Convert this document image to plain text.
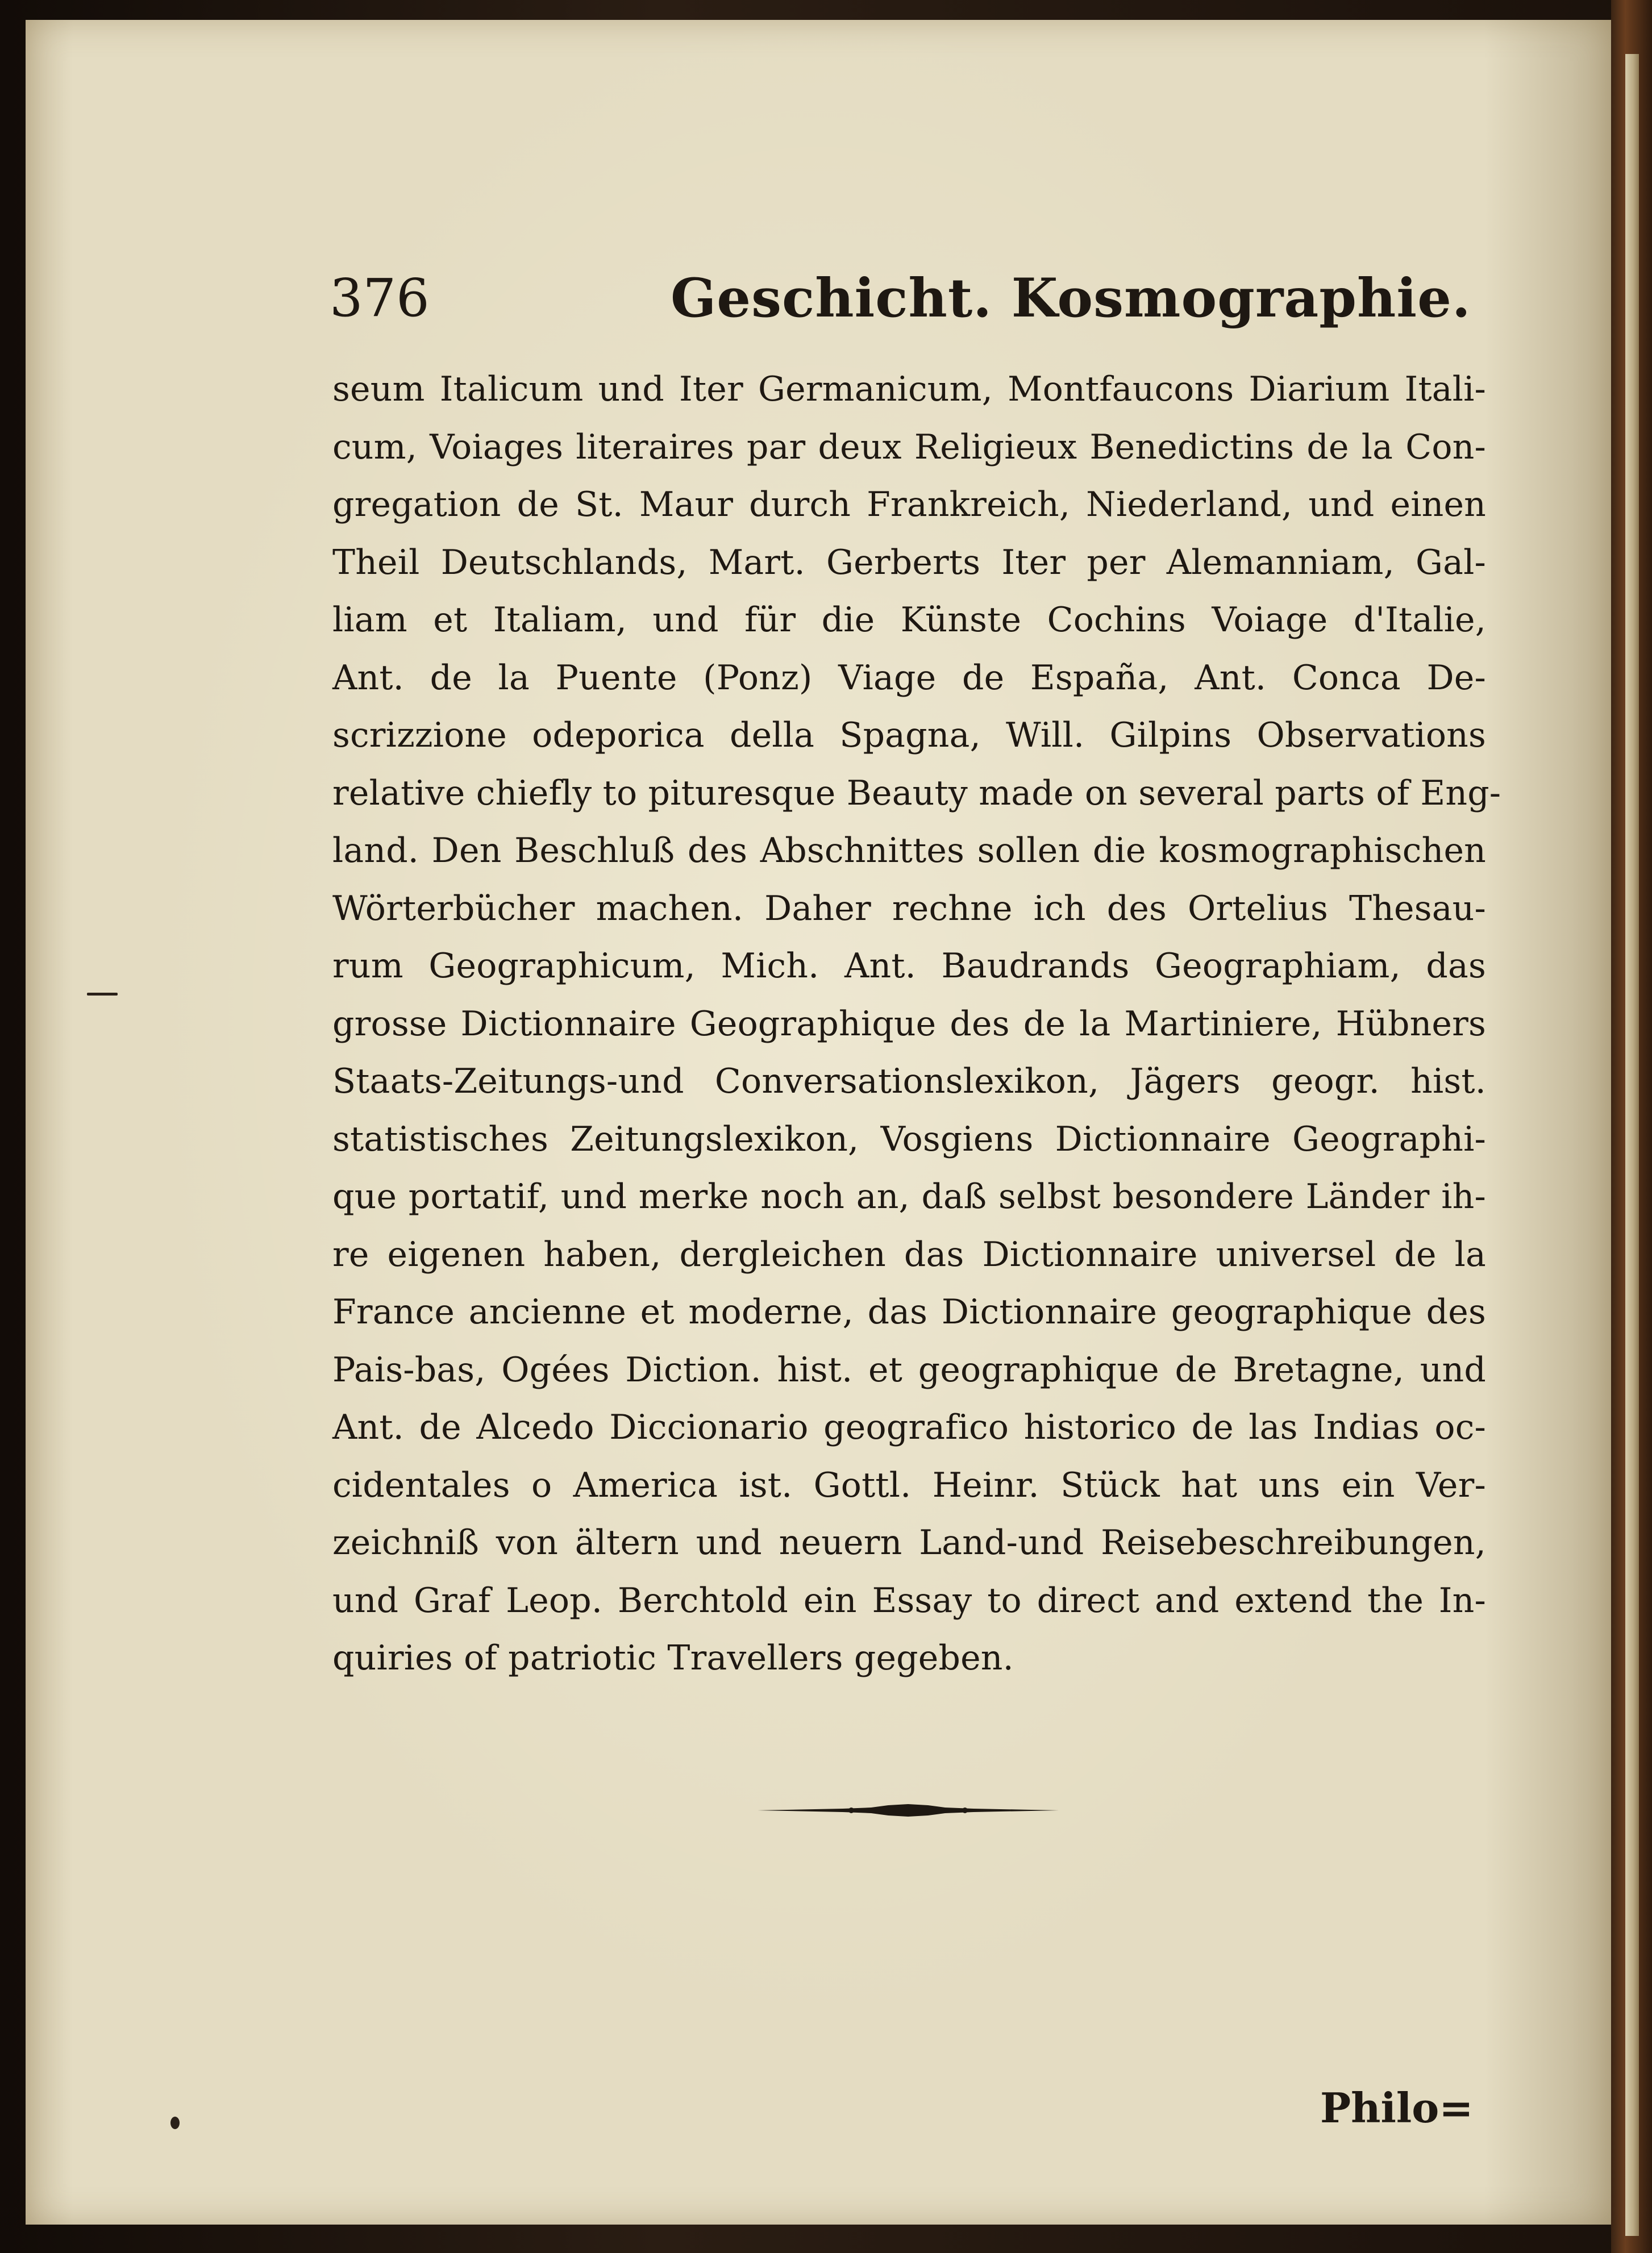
376	Geschicht. Kosmographie.
seum Italicum und Iter Germanicum, Montfaucons Diarium Itali-
cum, Voiages literaires par deux Religieux Benedictins de la Con-
gregation de St. Maur durch Frankreich, Niederland, und einen
Theil Deutschlands, Mart. Gerberts Iter per Alemanniam, Gal-
liam et Italiam, und für die Künste Cochins Voiage d'Italie,
Ant. de la Puente (Ponz) Viage de España, Ant. Conca De-
scrizzione odeporica della Spagna, Will. Gilpins Observations
relative chiefly to pituresque Beauty made on several parts of Eng-
land. Den Beschluß des Abschnittes sollen die kosmographischen
Wörterbücher machen. Daher rechne ich des Ortelius Thesau-
rum Geographicum, Mich. Ant. Baudrands Geographiam, das
grosse Dictionnaire Geographique des de la Martiniere, Hübners
Staats-Zeitungs-und Conversationslexikon, Jägers geogr. hist.
statistisches Zeitungslexikon, Vosgiens Dictionnaire Geographi-
que portatif, und merke noch an, daß selbst besondere Länder ih-
re eigenen haben, dergleichen das Dictionnaire universel de la
France ancienne et moderne, das Dictionnaire geographique des
Pais-bas, Ogées Diction. hist. et geographique de Bretagne, und
Ant. de Alcedo Diccionario geografico historico de las Indias oc-
cidentales o America ist. Gottl. Heinr. Stück hat uns ein Ver-
zeichniß von ältern und neuern Land-und Reisebeschreibungen,
und Graf Leop. Berchtold ein Essay to direct and extend the In-
quiries of patriotic Travellers gegeben.
Philo=
